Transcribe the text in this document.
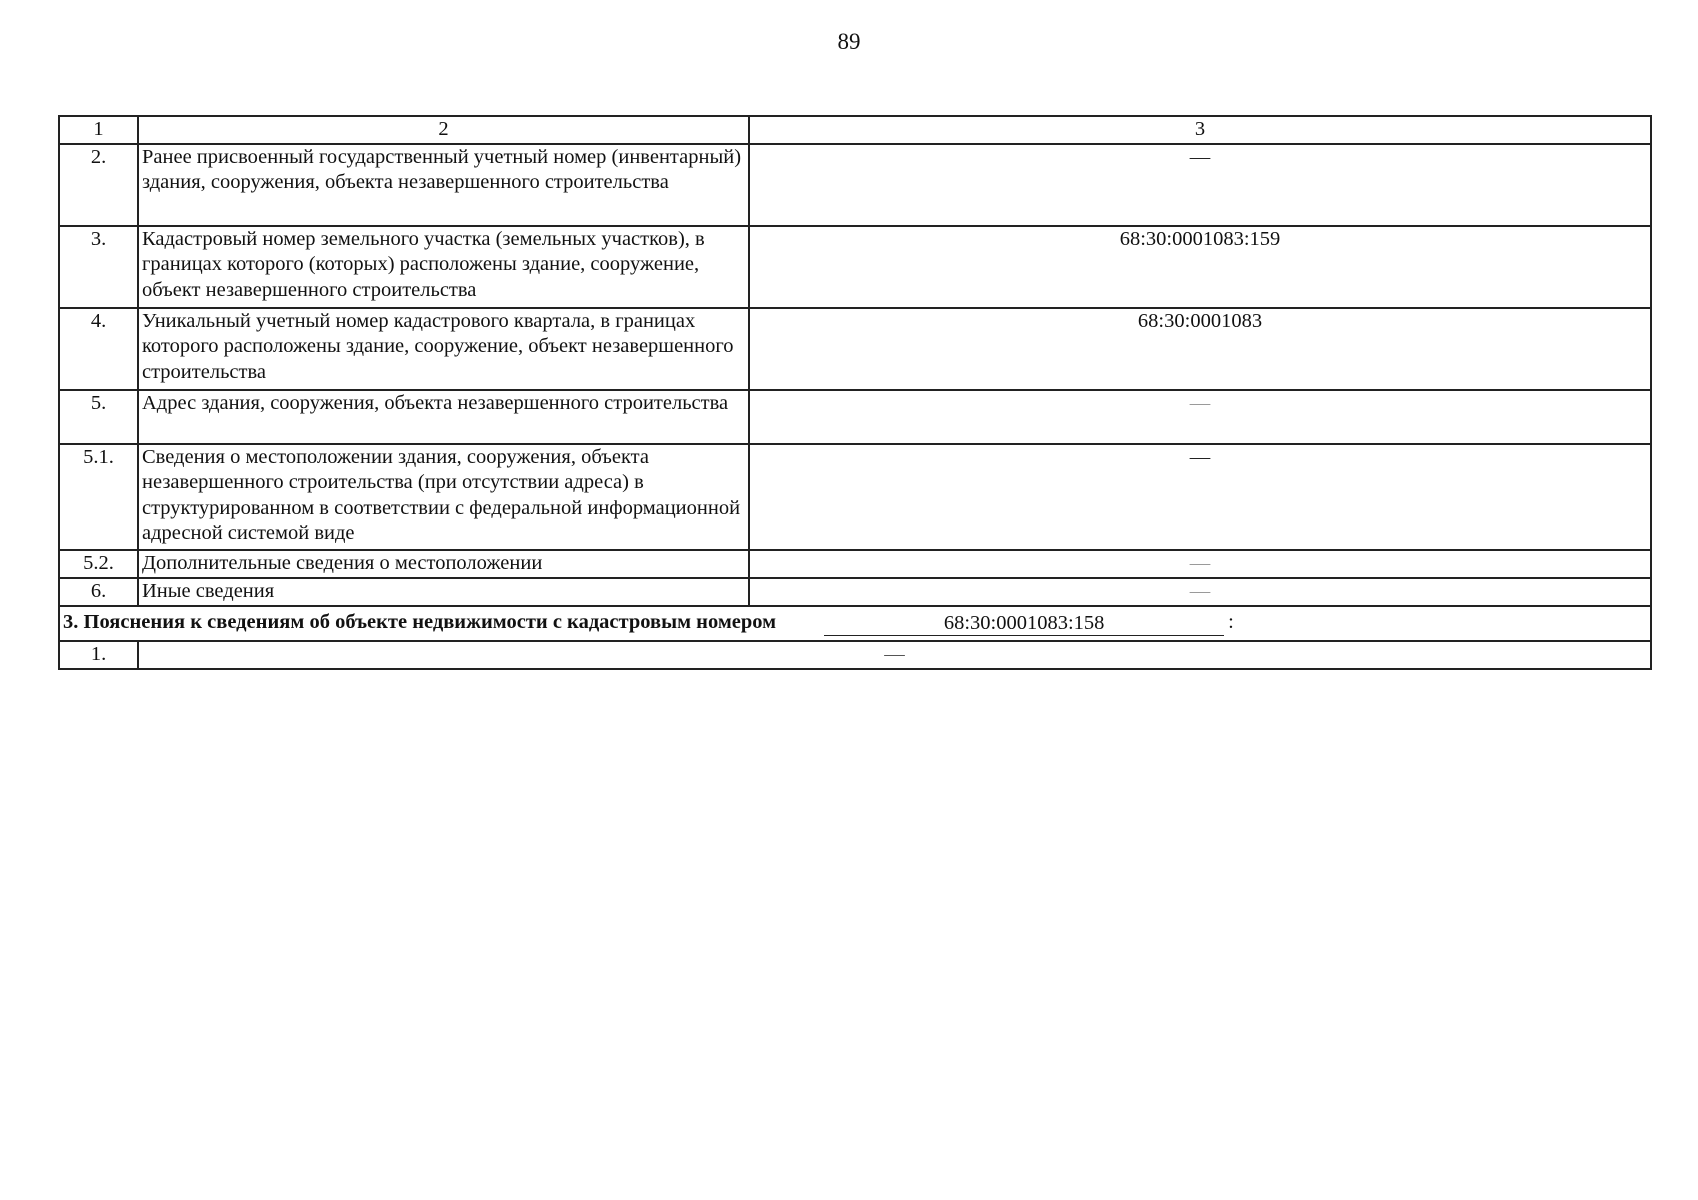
89
1	2	3
2.	Ранее присвоенный государственный учетный номер (инвентарный) здания, сооружения, объекта незавершенного строительства	—
3.	Кадастровый номер земельного участка (земельных участков), в границах которого (которых) расположены здание, сооружение, объект незавершенного строительства	68:30:0001083:159
4.	Уникальный учетный номер кадастрового квартала, в границах которого расположены здание, сооружение, объект незавершенного строительства	68:30:0001083
5.	Адрес здания, сооружения, объекта незавершенного строительства	—
5.1.	Сведения о местоположении здания, сооружения, объекта незавершенного строительства (при отсутствии адреса) в структурированном в соответствии с федеральной информационной адресной системой виде	—
5.2.	Дополнительные сведения о местоположении	—
6.	Иные сведения	—

3. Пояснения к сведениям об объекте недвижимости с кадастровым номером 68:30:0001083:158 :		

1.	—	
